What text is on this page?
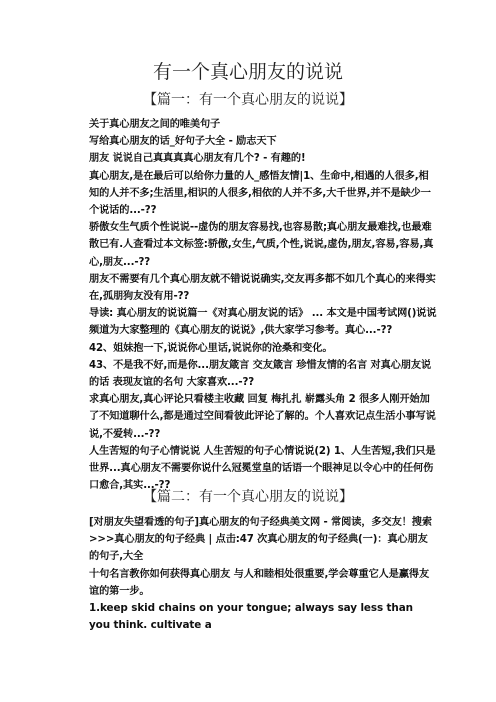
有一个真心朋友的说说
【篇一：有一个真心朋友的说说】

关于真心朋友之间的唯美句子

写给真心朋友的话_好句子大全 - 励志天下

朋友 说说自己真真真真心朋友有几个? - 有趣的!

真心朋友,是在最后可以给你力量的人_感悟友情|1、生命中,相遇的人很多,相知的人并不多;生活里,相识的人很多,相依的人并不多,大千世界,并不是缺少一个说话的...-??

骄傲女生气质个性说说--虚伪的朋友容易找,也容易散;真心朋友最难找,也最难散已有.人查看过本文标签:骄傲,女生,气质,个性,说说,虚伪,朋友,容易,容易,真心,朋友...-??

朋友不需要有几个真心朋友就不错说说确实,交友再多都不如几个真心的来得实在,孤朋狗友没有用-??

导读: 真心朋友的说说篇一《对真心朋友说的话》 ... 本文是中国考试网()说说频道为大家整理的《真心朋友的说说》,供大家学习参考。真心...-??

42、姐妹抱一下,说说你心里话,说说你的沧桑和变化。

43、不是我不好,而是你...朋友箴言 交友箴言 珍惜友情的名言 对真心朋友说的话 表现友谊的名句 大家喜欢...-??

求真心朋友,真心评论只看楼主收藏 回复 梅扎扎 崭露头角 2 很多人刚开始加了不知道聊什么,都是通过空间看彼此评论了解的。个人喜欢记点生活小事写说说,不爱转...-??

人生苦短的句子心情说说 人生苦短的句子心情说说(2) 1、人生苦短,我们只是世界...真心朋友不需要你说什么冠冕堂皇的话语一个眼神足以令心中的任何伤口愈合,其实...-??

【篇二：有一个真心朋友的说说】

[对朋友失望看透的句子]真心朋友的句子经典美文网 - 常阅读，多交友！搜索>>>真心朋友的句子经典 | 点击:47 次真心朋友的句子经典(一)：真心朋友的句子,大全

十句名言教你如何获得真心朋友 与人和睦相处很重要,学会尊重它人是赢得友谊的第一步。

1.keep skid chains on your tongue; always say less than you think. cultivate a
